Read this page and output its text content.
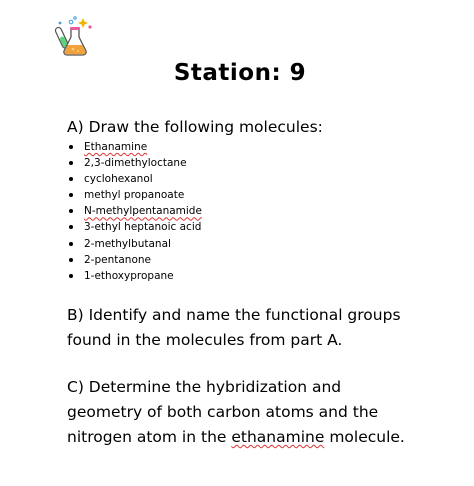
Station: 9
A) Draw the following molecules:
Ethanamine
2,3-dimethyloctane
cyclohexanol
methyl propanoate
N-methylpentanamide
3-ethyl heptanoic acid
2-methylbutanal
2-pentanone
1-ethoxypropane
B) Identify and name the functional groups
found in the molecules from part A.
C) Determine the hybridization and
geometry of both carbon atoms and the
nitrogen atom in the ethanamine molecule.
